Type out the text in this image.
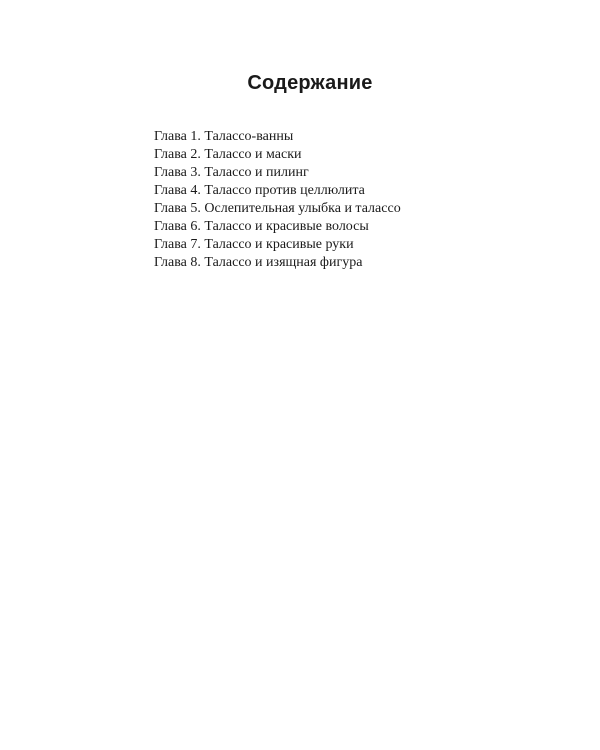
Содержание
Глава 1. Талассо-ванны
Глава 2. Талассо и маски
Глава 3. Талассо и пилинг
Глава 4. Талассо против целлюлита
Глава 5. Ослепительная улыбка и талассо
Глава 6. Талассо и красивые волосы
Глава 7. Талассо и красивые руки
Глава 8. Талассо и изящная фигура
